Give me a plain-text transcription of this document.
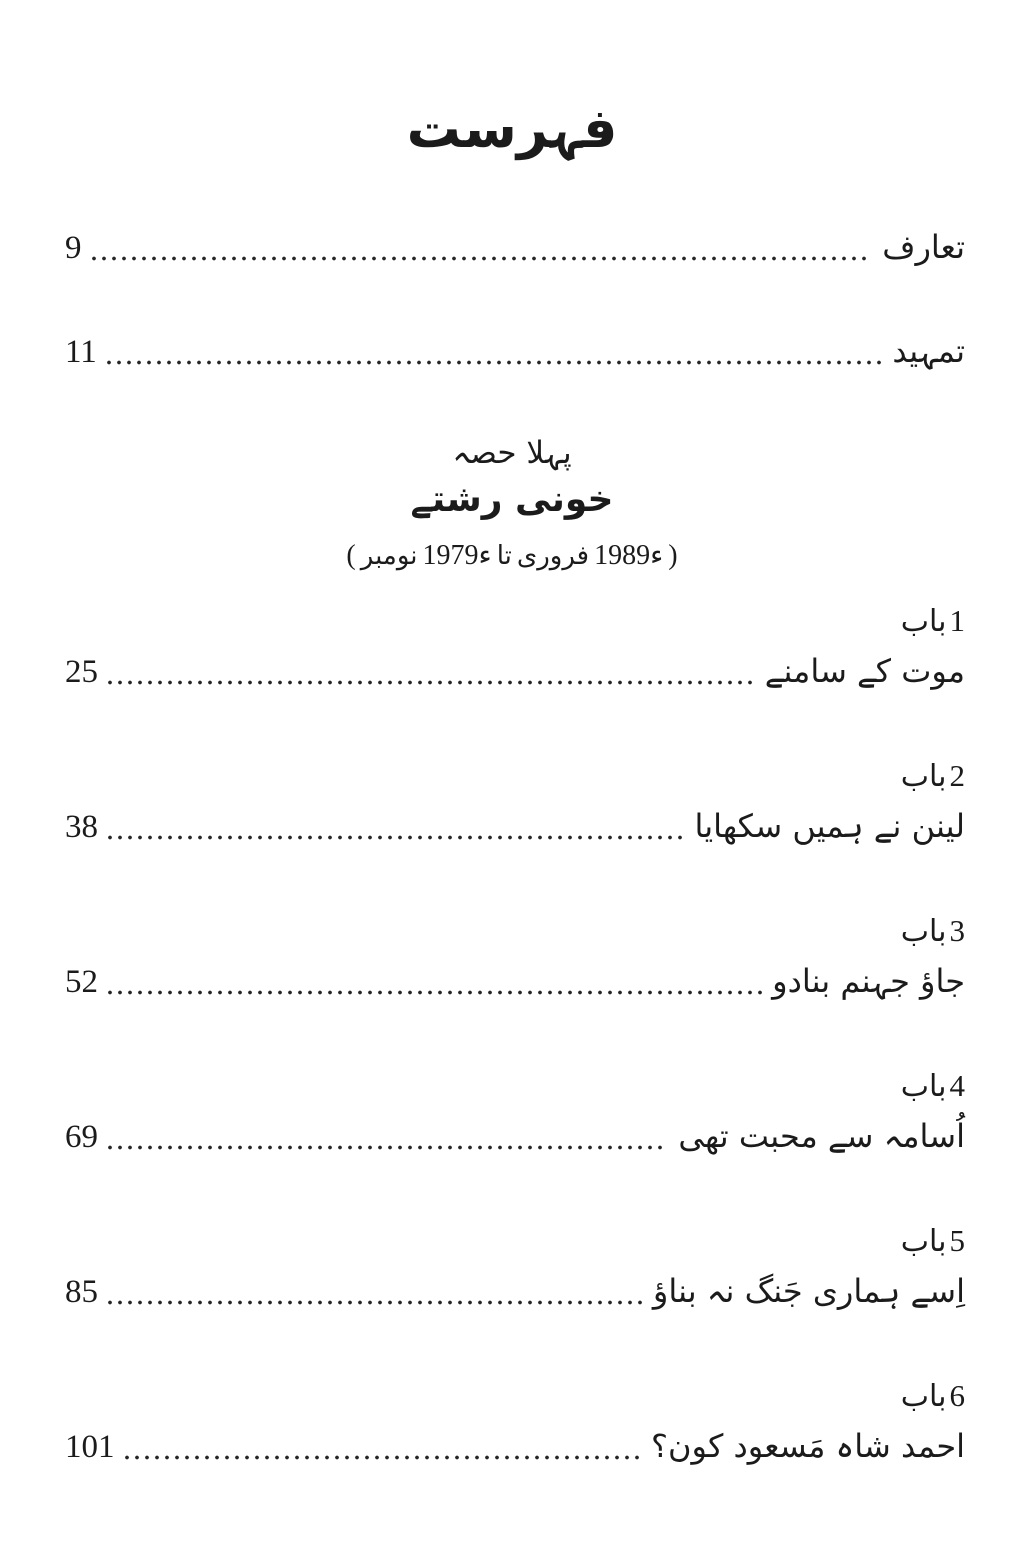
فہرست
9	تعارف
11	تمہید
پہلا حصہ
خونی رشتے
( نومبر 1979ء تا فروری 1989ء )
باب 1
25	موت کے سامنے
باب 2
38	لینن نے ہمیں سکھایا
باب 3
52	جاؤ جہنم بنادو
باب 4
69	اُسامہ سے محبت تھی
باب 5
85	اِسے ہماری جَنگ نہ بناؤ
باب 6
101	احمد شاہ مَسعود کون؟
